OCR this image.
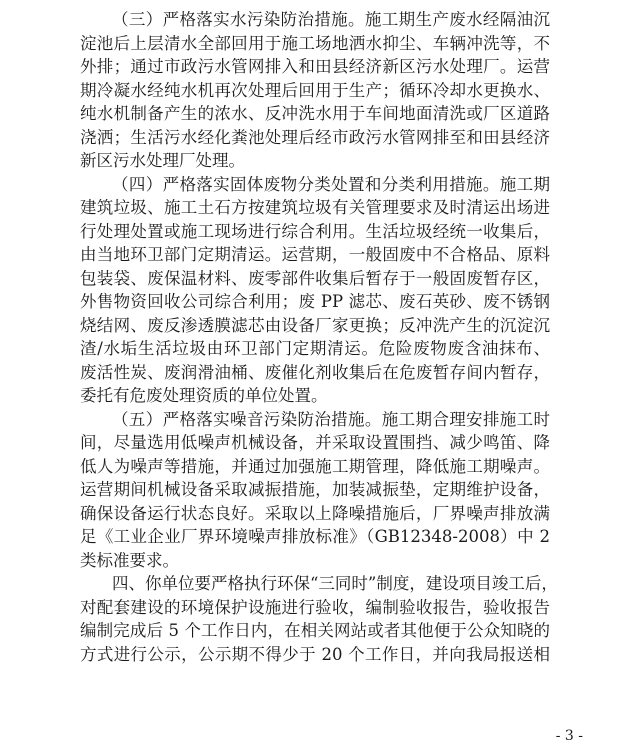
（三）严格落实水污染防治措施。施工期生产废水经隔油沉
淀池后上层清水全部回用于施工场地洒水抑尘、车辆冲洗等，不
外排；通过市政污水管网排入和田县经济新区污水处理厂。运营
期冷凝水经纯水机再次处理后回用于生产；循环冷却水更换水、
纯水机制备产生的浓水、反冲洗水用于车间地面清洗或厂区道路
浇洒；生活污水经化粪池处理后经市政污水管网排至和田县经济
新区污水处理厂处理。
（四）严格落实固体废物分类处置和分类利用措施。施工期
建筑垃圾、施工土石方按建筑垃圾有关管理要求及时清运出场进
行处理处置或施工现场进行综合利用。生活垃圾经统一收集后，
由当地环卫部门定期清运。运营期，一般固废中不合格品、原料
包装袋、废保温材料、废零部件收集后暂存于一般固废暂存区，
外售物资回收公司综合利用；废 PP 滤芯、废石英砂、废不锈钢
烧结网、废反渗透膜滤芯由设备厂家更换；反冲洗产生的沉淀沉
渣/水垢生活垃圾由环卫部门定期清运。危险废物废含油抹布、
废活性炭、废润滑油桶、废催化剂收集后在危废暂存间内暂存，
委托有危废处理资质的单位处置。
（五）严格落实噪音污染防治措施。施工期合理安排施工时
间，尽量选用低噪声机械设备，并采取设置围挡、减少鸣笛、降
低人为噪声等措施，并通过加强施工期管理，降低施工期噪声。
运营期间机械设备采取减振措施，加装减振垫，定期维护设备，
确保设备运行状态良好。采取以上降噪措施后，厂界噪声排放满
足《工业企业厂界环境噪声排放标准》（GB12348-2008）中 2
类标准要求。
四、你单位要严格执行环保“三同时”制度，建设项目竣工后，
对配套建设的环境保护设施进行验收，编制验收报告，验收报告
编制完成后 5 个工作日内，在相关网站或者其他便于公众知晓的
方式进行公示，公示期不得少于 20 个工作日，并向我局报送相
- 3 -
